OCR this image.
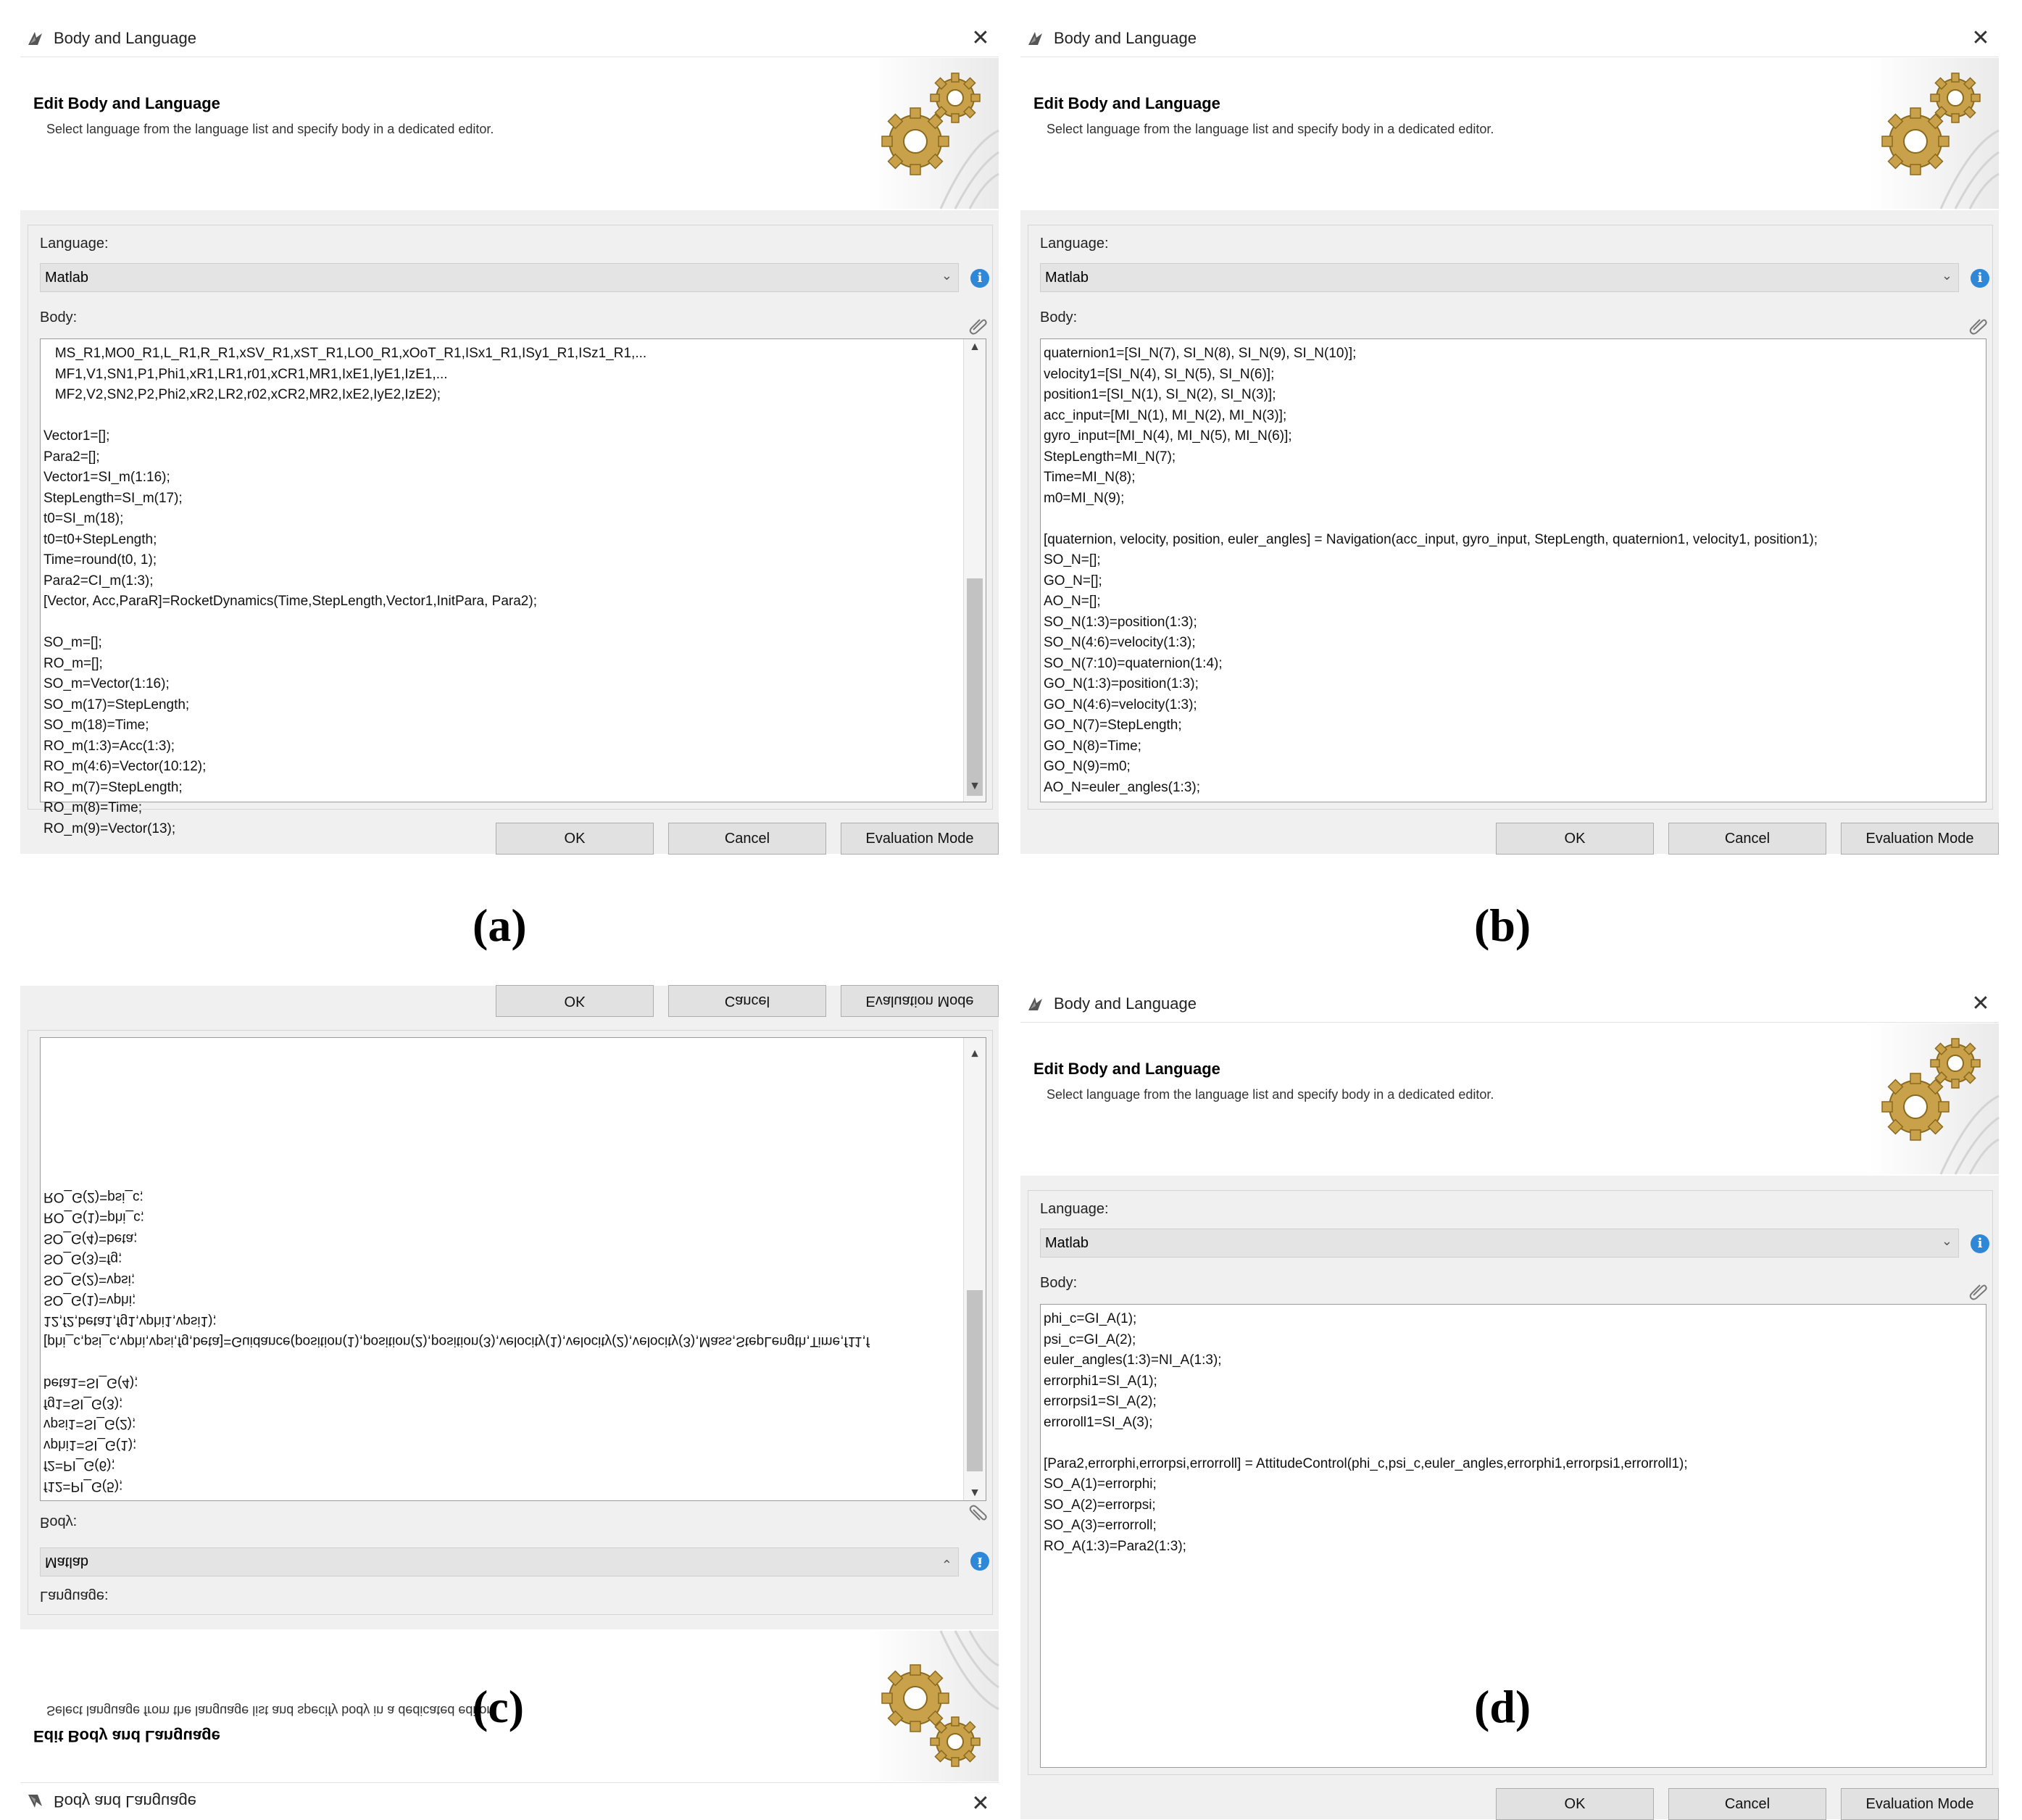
Body and Language	✕
Edit Body and Language
Select language from the language list and specify body in a dedicated editor.
Language:
Matlab	⌄	i
Body:
MS_R1,MO0_R1,L_R1,R_R1,xSV_R1,xST_R1,LO0_R1,xOoT_R1,ISx1_R1,ISy1_R1,ISz1_R1,...
MF1,V1,SN1,P1,Phi1,xR1,LR1,r01,xCR1,MR1,IxE1,IyE1,IzE1,...
MF2,V2,SN2,P2,Phi2,xR2,LR2,r02,xCR2,MR2,IxE2,IyE2,IzE2);

Vector1=[];
Para2=[];
Vector1=SI_m(1:16);
StepLength=SI_m(17);
t0=SI_m(18);
t0=t0+StepLength;
Time=round(t0, 1);
Para2=CI_m(1:3);
[Vector, Acc,ParaR]=RocketDynamics(Time,StepLength,Vector1,InitPara, Para2);

SO_m=[];
RO_m=[];
SO_m=Vector(1:16);
SO_m(17)=StepLength;
SO_m(18)=Time;
RO_m(1:3)=Acc(1:3);
RO_m(4:6)=Vector(10:12);
RO_m(7)=StepLength;
RO_m(8)=Time;
RO_m(9)=Vector(13);
▲
▼
OK	Cancel	Evaluation Mode
Body and Language	✕
Edit Body and Language
Select language from the language list and specify body in a dedicated editor.
Language:
Matlab	⌄	i
Body:
quaternion1=[SI_N(7), SI_N(8), SI_N(9), SI_N(10)];
velocity1=[SI_N(4), SI_N(5), SI_N(6)];
position1=[SI_N(1), SI_N(2), SI_N(3)];
acc_input=[MI_N(1), MI_N(2), MI_N(3)];
gyro_input=[MI_N(4), MI_N(5), MI_N(6)];
StepLength=MI_N(7);
Time=MI_N(8);
m0=MI_N(9);

[quaternion, velocity, position, euler_angles] = Navigation(acc_input, gyro_input, StepLength, quaternion1, velocity1, position1);
SO_N=[];
GO_N=[];
AO_N=[];
SO_N(1:3)=position(1:3);
SO_N(4:6)=velocity(1:3);
SO_N(7:10)=quaternion(1:4);
GO_N(1:3)=position(1:3);
GO_N(4:6)=velocity(1:3);
GO_N(7)=StepLength;
GO_N(8)=Time;
GO_N(9)=m0;
AO_N=euler_angles(1:3);
OK	Cancel	Evaluation Mode
Body and Language	✕
Edit Body and Language
Select language from the language list and specify body in a dedicated editor.
Language:
Matlab	⌄	i
Body:
f12=PI_G(5);
f2=PI_G(6);
vphi1=SI_G(1);
vpsi1=SI_G(2);
fg1=SI_G(3);
beta1=SI_G(4);

[phi_c,psi_c,vphi,vpsi,fg,beta]=Guidance(position(1),position(2),position(3),velocity(1),velocity(2),velocity(3),Mass,StepLength,Time,f11,f
12,f2,beta1,fg1,vphi1,vpsi1);
SO_G(1)=vphi;
SO_G(2)=vpsi;
SO_G(3)=fg;
SO_G(4)=beta;
RO_G(1)=phi_c;
RO_G(2)=psi_c;
▲
▼
OK	Cancel	Evaluation Mode	Body and Language	✕
Edit Body and Language
Select language from the language list and specify body in a dedicated editor.
Language:
Matlab	⌄	i
Body:
phi_c=GI_A(1);
psi_c=GI_A(2);
euler_angles(1:3)=NI_A(1:3);
errorphi1=SI_A(1);
errorpsi1=SI_A(2);
erroroll1=SI_A(3);

[Para2,errorphi,errorpsi,errorroll] = AttitudeControl(phi_c,psi_c,euler_angles,errorphi1,errorpsi1,errorroll1);
SO_A(1)=errorphi;
SO_A(2)=errorpsi;
SO_A(3)=errorroll;
RO_A(1:3)=Para2(1:3);
OK	Cancel	Evaluation Mode
(a)	(b)
(c)	(d)
